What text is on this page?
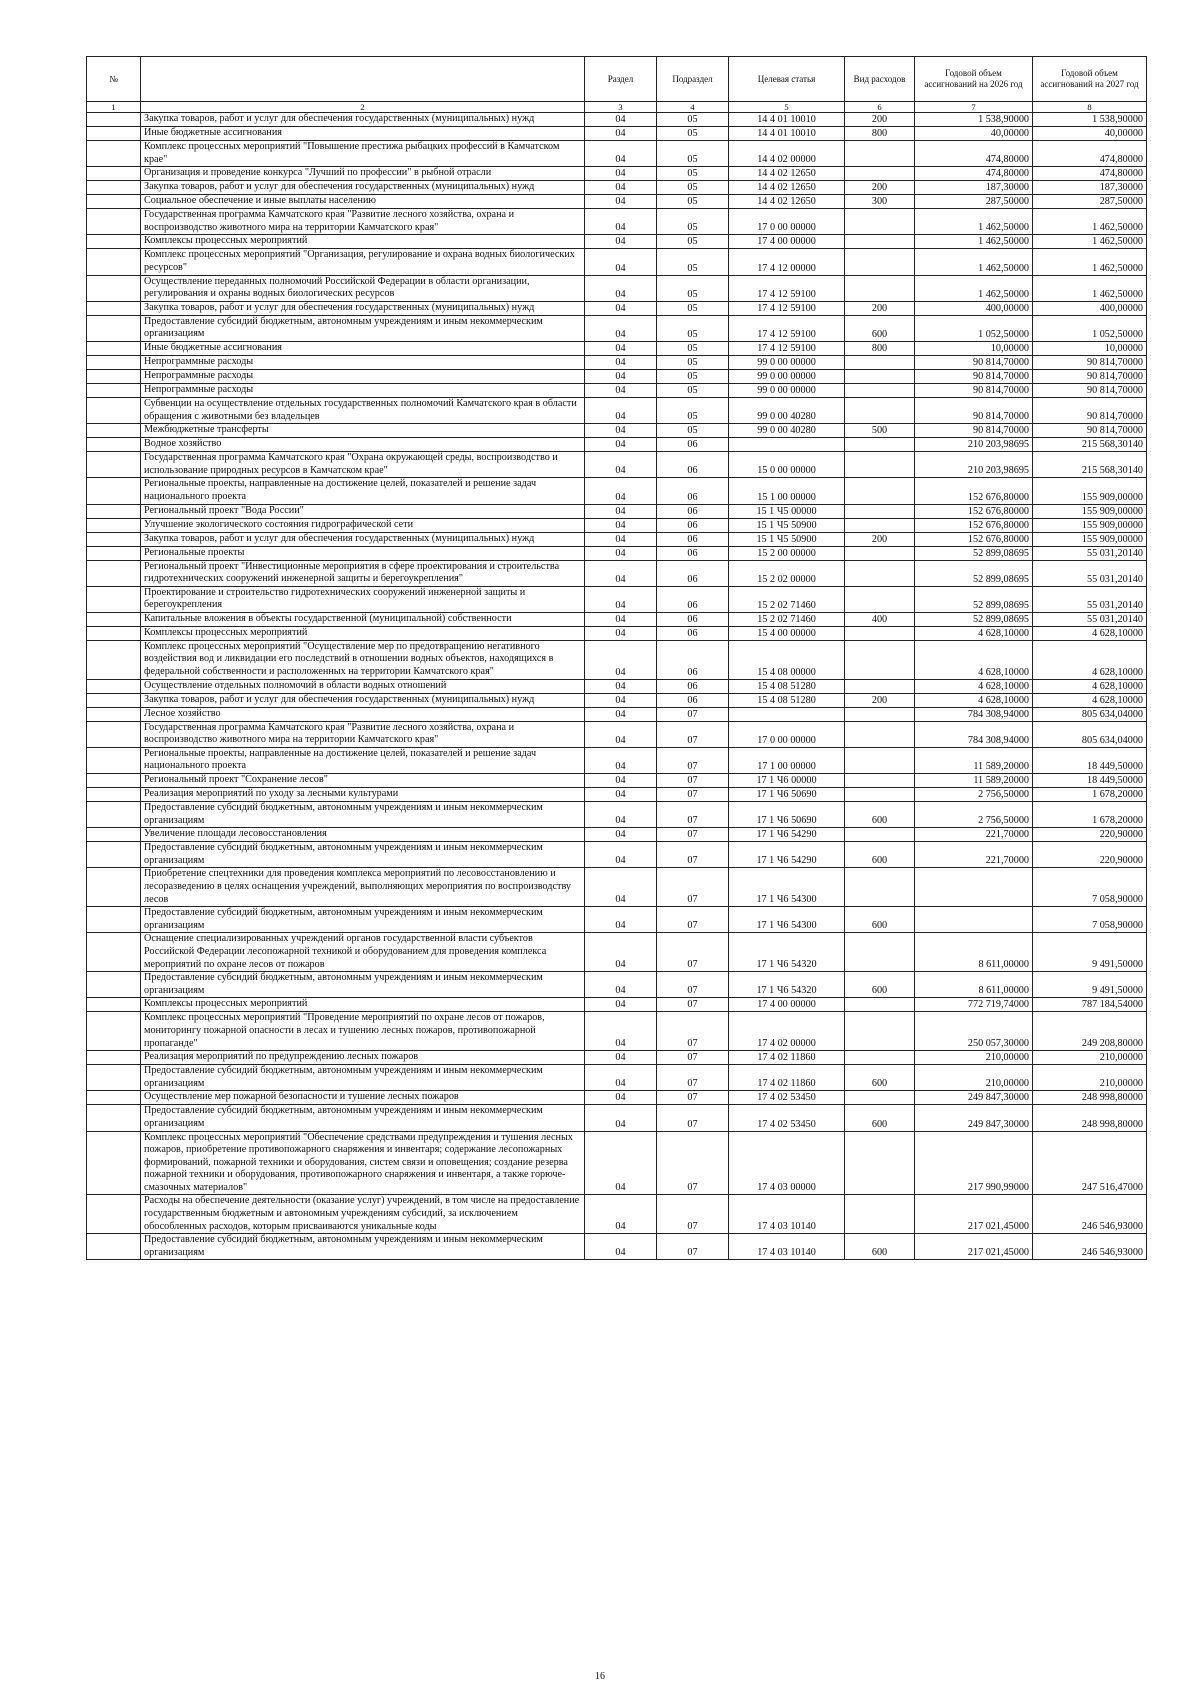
№		Раздел	Подраздел	Целевая статья	Вид расходов	Годовой объем ассигнований на 2026 год	Годовой объем ассигнований на 2027 год
1	2	3	4	5	6	7	8
	Закупка товаров, работ и услуг для обеспечения государственных (муниципальных) нужд	04	05	14 4 01 10010	200	1 538,90000	1 538,90000
	Иные бюджетные ассигнования	04	05	14 4 01 10010	800	40,00000	40,00000
	Комплекс процессных мероприятий "Повышение престижа рыбацких профессий в Камчатском крае"	04	05	14 4 02 00000		474,80000	474,80000
	Организация и проведение конкурса "Лучший по профессии" в рыбной отрасли	04	05	14 4 02 12650		474,80000	474,80000
	Закупка товаров, работ и услуг для обеспечения государственных (муниципальных) нужд	04	05	14 4 02 12650	200	187,30000	187,30000
	Социальное обеспечение и иные выплаты населению	04	05	14 4 02 12650	300	287,50000	287,50000
	Государственная программа Камчатского края "Развитие лесного хозяйства, охрана и воспроизводство животного мира на территории Камчатского края"	04	05	17 0 00 00000		1 462,50000	1 462,50000
	Комплексы процессных мероприятий	04	05	17 4 00 00000		1 462,50000	1 462,50000
	Комплекс процессных мероприятий "Организация, регулирование и охрана водных биологических ресурсов"	04	05	17 4 12 00000		1 462,50000	1 462,50000
	Осуществление переданных полномочий Российской Федерации в области организации, регулирования и охраны водных биологических ресурсов	04	05	17 4 12 59100		1 462,50000	1 462,50000
	Закупка товаров, работ и услуг для обеспечения государственных (муниципальных) нужд	04	05	17 4 12 59100	200	400,00000	400,00000
	Предоставление субсидий бюджетным, автономным учреждениям и иным некоммерческим организациям	04	05	17 4 12 59100	600	1 052,50000	1 052,50000
	Иные бюджетные ассигнования	04	05	17 4 12 59100	800	10,00000	10,00000
	Непрограммные расходы	04	05	99 0 00 00000		90 814,70000	90 814,70000
	Непрограммные расходы	04	05	99 0 00 00000		90 814,70000	90 814,70000
	Непрограммные расходы	04	05	99 0 00 00000		90 814,70000	90 814,70000
	Субвенции на осуществление отдельных государственных полномочий Камчатского края в области обращения с животными без владельцев	04	05	99 0 00 40280		90 814,70000	90 814,70000
	Межбюджетные трансферты	04	05	99 0 00 40280	500	90 814,70000	90 814,70000
	Водное хозяйство	04	06			210 203,98695	215 568,30140
	Государственная программа Камчатского края "Охрана окружающей среды, воспроизводство и использование природных ресурсов в Камчатском крае"	04	06	15 0 00 00000		210 203,98695	215 568,30140
	Региональные проекты, направленные на достижение целей, показателей и решение задач национального проекта	04	06	15 1 00 00000		152 676,80000	155 909,00000
	Региональный проект "Вода России"	04	06	15 1 Ч5 00000		152 676,80000	155 909,00000
	Улучшение экологического состояния гидрографической сети	04	06	15 1 Ч5 50900		152 676,80000	155 909,00000
	Закупка товаров, работ и услуг для обеспечения государственных (муниципальных) нужд	04	06	15 1 Ч5 50900	200	152 676,80000	155 909,00000
	Региональные проекты	04	06	15 2 00 00000		52 899,08695	55 031,20140
	Региональный проект "Инвестиционные мероприятия в сфере проектирования и строительства гидротехнических сооружений инженерной защиты и берегоукрепления"	04	06	15 2 02 00000		52 899,08695	55 031,20140
	Проектирование и строительство гидротехнических сооружений инженерной защиты и берегоукрепления	04	06	15 2 02 71460		52 899,08695	55 031,20140
	Капитальные вложения в объекты государственной (муниципальной) собственности	04	06	15 2 02 71460	400	52 899,08695	55 031,20140
	Комплексы процессных мероприятий	04	06	15 4 00 00000		4 628,10000	4 628,10000
	Комплекс процессных мероприятий "Осуществление мер по предотвращению негативного воздействия вод и ликвидации его последствий в отношении водных объектов, находящихся в федеральной собственности и расположенных на территории Камчатского края"	04	06	15 4 08 00000		4 628,10000	4 628,10000
	Осуществление отдельных полномочий в области водных отношений	04	06	15 4 08 51280		4 628,10000	4 628,10000
	Закупка товаров, работ и услуг для обеспечения государственных (муниципальных) нужд	04	06	15 4 08 51280	200	4 628,10000	4 628,10000
	Лесное хозяйство	04	07			784 308,94000	805 634,04000
	Государственная программа Камчатского края "Развитие лесного хозяйства, охрана и воспроизводство животного мира на территории Камчатского края"	04	07	17 0 00 00000		784 308,94000	805 634,04000
	Региональные проекты, направленные на достижение целей, показателей и решение задач национального проекта	04	07	17 1 00 00000		11 589,20000	18 449,50000
	Региональный проект "Сохранение лесов"	04	07	17 1 Ч6 00000		11 589,20000	18 449,50000
	Реализация мероприятий по уходу за лесными культурами	04	07	17 1 Ч6 50690		2 756,50000	1 678,20000
	Предоставление субсидий бюджетным, автономным учреждениям и иным некоммерческим организациям	04	07	17 1 Ч6 50690	600	2 756,50000	1 678,20000
	Увеличение площади лесовосстановления	04	07	17 1 Ч6 54290		221,70000	220,90000
	Предоставление субсидий бюджетным, автономным учреждениям и иным некоммерческим организациям	04	07	17 1 Ч6 54290	600	221,70000	220,90000
	Приобретение спецтехники для проведения комплекса мероприятий по лесовосстановлению и лесоразведению в целях оснащения учреждений, выполняющих мероприятия по воспроизводству лесов	04	07	17 1 Ч6 54300			7 058,90000
	Предоставление субсидий бюджетным, автономным учреждениям и иным некоммерческим организациям	04	07	17 1 Ч6 54300	600		7 058,90000
	Оснащение специализированных учреждений органов государственной власти субъектов Российской Федерации лесопожарной техникой и оборудованием для проведения комплекса мероприятий по охране лесов от пожаров	04	07	17 1 Ч6 54320		8 611,00000	9 491,50000
	Предоставление субсидий бюджетным, автономным учреждениям и иным некоммерческим организациям	04	07	17 1 Ч6 54320	600	8 611,00000	9 491,50000
	Комплексы процессных мероприятий	04	07	17 4 00 00000		772 719,74000	787 184,54000
	Комплекс процессных мероприятий "Проведение мероприятий по охране лесов от пожаров, мониторингу пожарной опасности в лесах и тушению лесных пожаров, противопожарной пропаганде"	04	07	17 4 02 00000		250 057,30000	249 208,80000
	Реализация мероприятий по предупреждению лесных пожаров	04	07	17 4 02 11860		210,00000	210,00000
	Предоставление субсидий бюджетным, автономным учреждениям и иным некоммерческим организациям	04	07	17 4 02 11860	600	210,00000	210,00000
	Осуществление мер пожарной безопасности и тушение лесных пожаров	04	07	17 4 02 53450		249 847,30000	248 998,80000
	Предоставление субсидий бюджетным, автономным учреждениям и иным некоммерческим организациям	04	07	17 4 02 53450	600	249 847,30000	248 998,80000
	Комплекс процессных мероприятий "Обеспечение средствами предупреждения и тушения лесных пожаров, приобретение противопожарного снаряжения и инвентаря; содержание лесопожарных формирований, пожарной техники и оборудования, систем связи и оповещения; создание резерва пожарной техники и оборудования, противопожарного снаряжения и инвентаря, а также горюче-смазочных материалов"	04	07	17 4 03 00000		217 990,99000	247 516,47000
	Расходы на обеспечение деятельности (оказание услуг) учреждений, в том числе на предоставление государственным бюджетным и автономным учреждениям субсидий, за исключением обособленных расходов, которым присваиваются уникальные коды	04	07	17 4 03 10140		217 021,45000	246 546,93000
	Предоставление субсидий бюджетным, автономным учреждениям и иным некоммерческим организациям	04	07	17 4 03 10140	600	217 021,45000	246 546,93000
16
